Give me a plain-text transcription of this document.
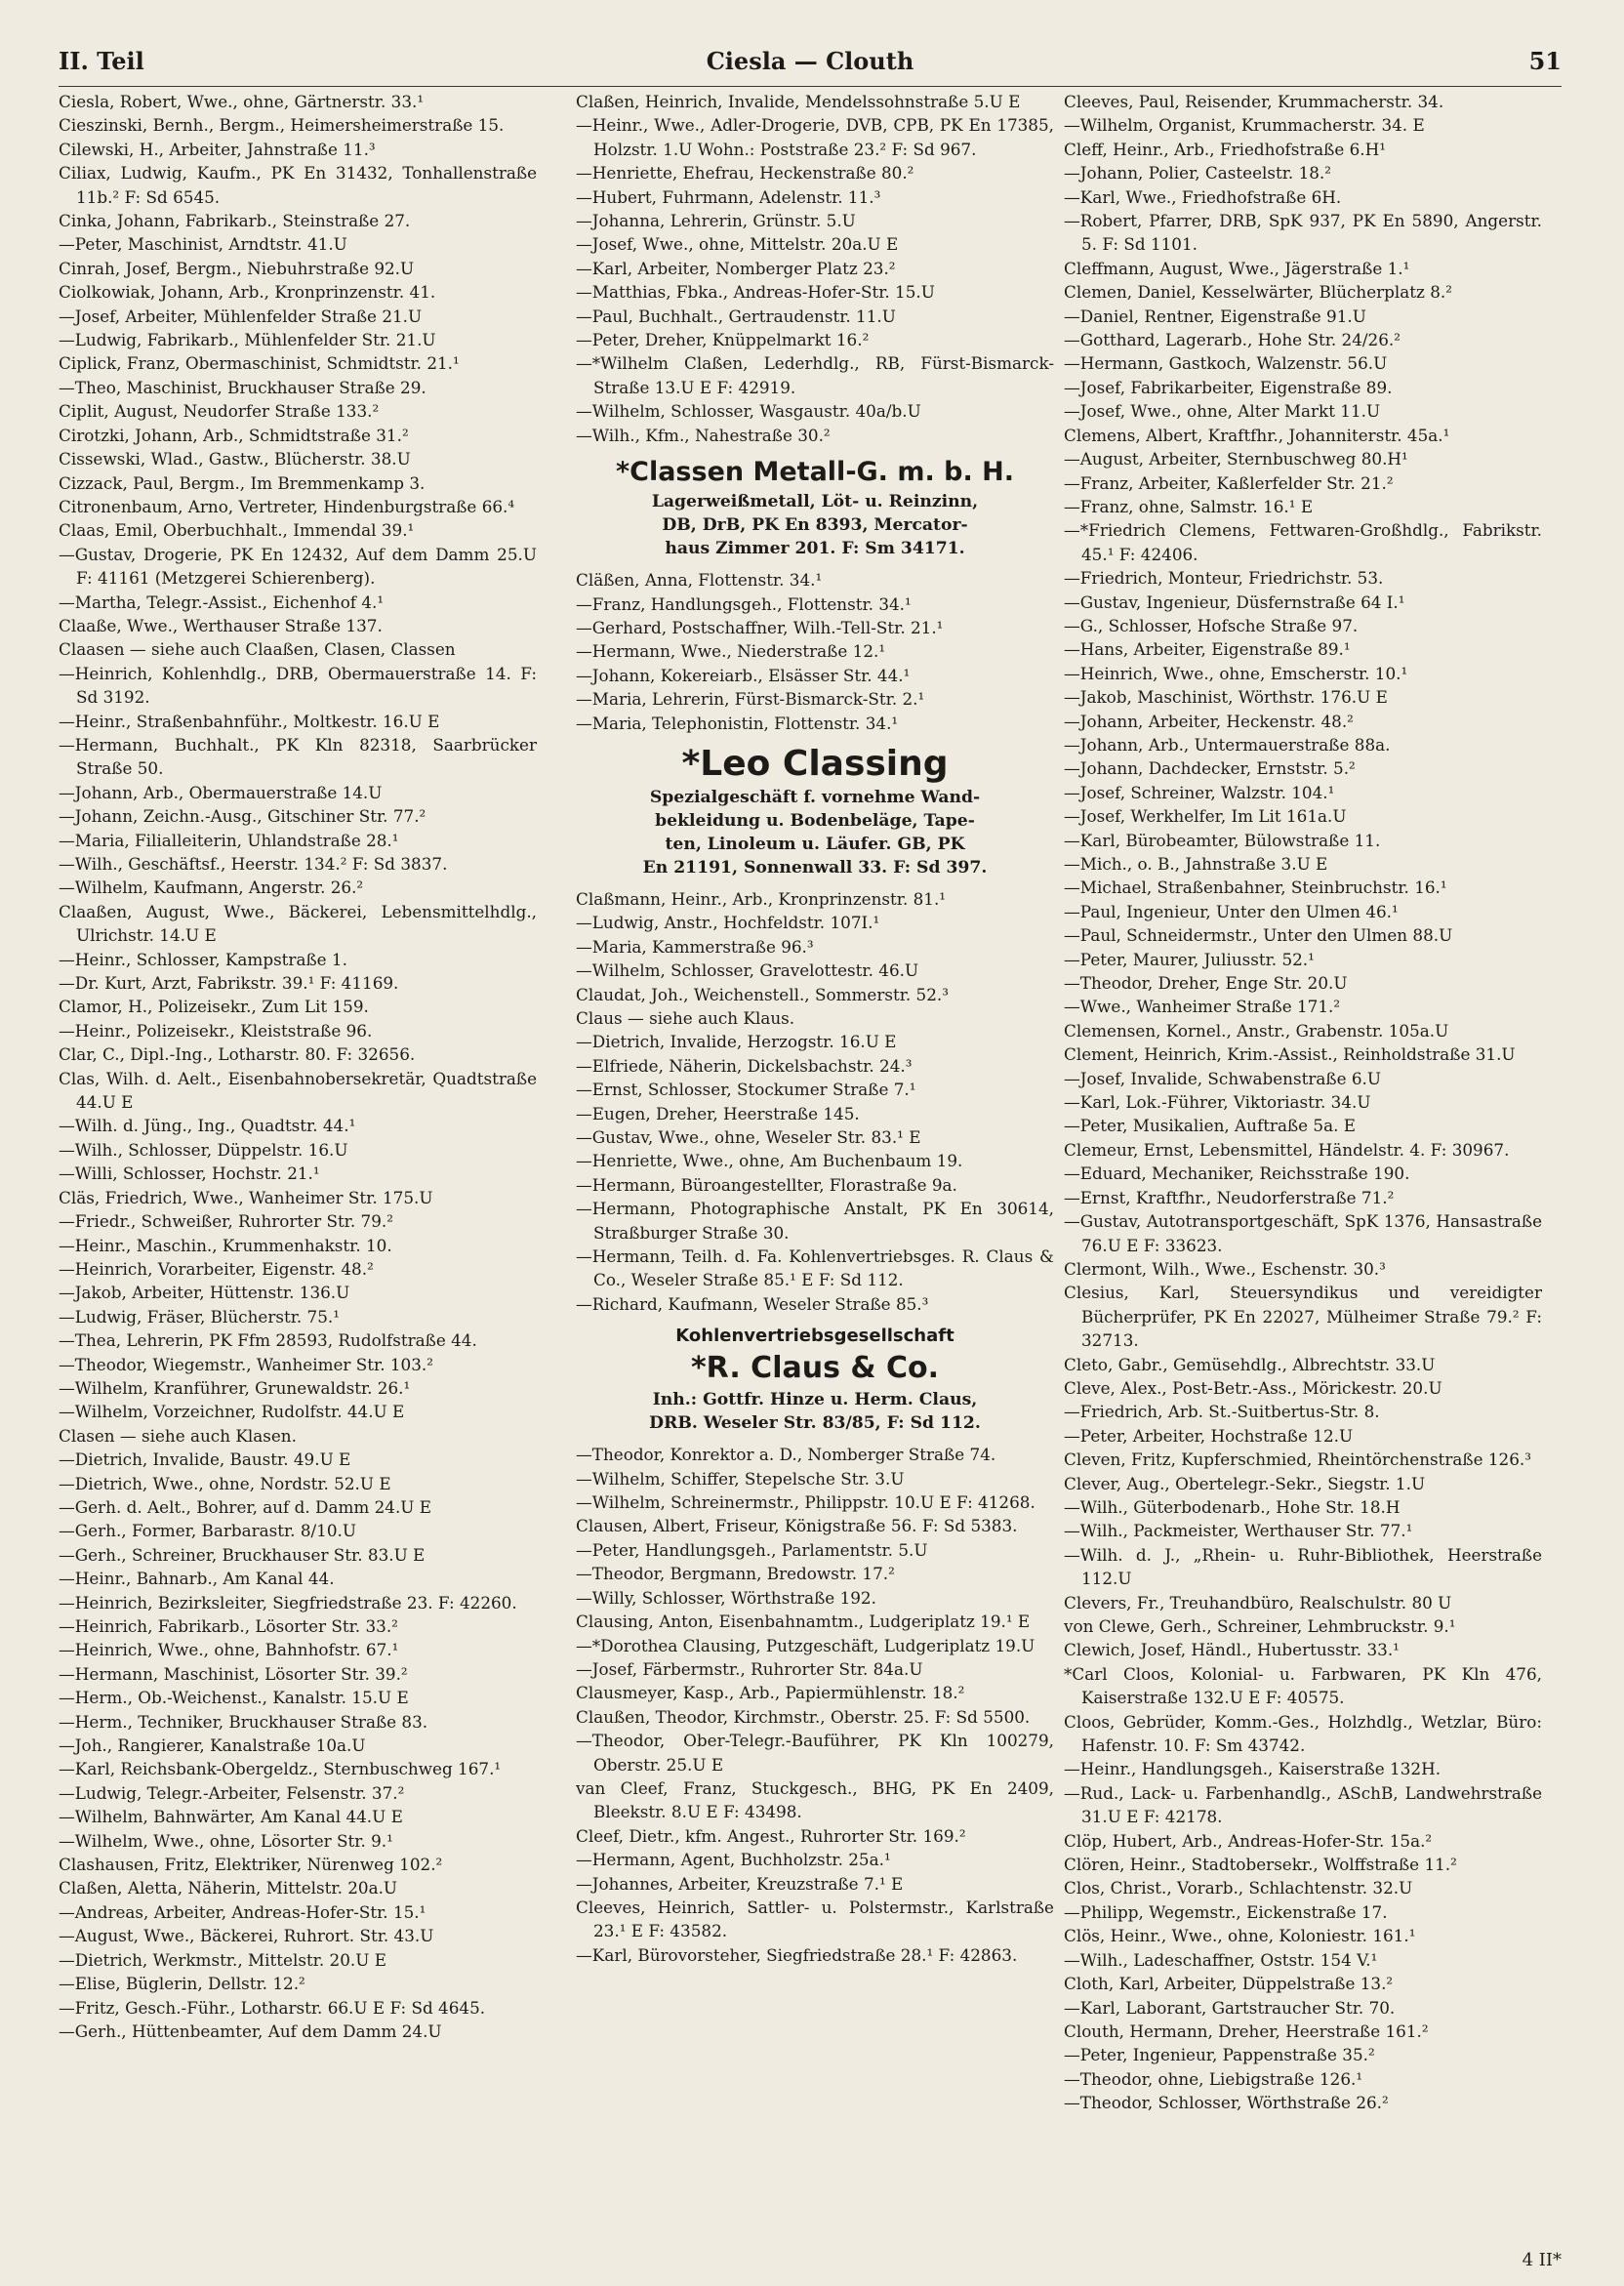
II. Teil	Ciesla — Clouth	51
Ciesla, Robert, Wwe., ohne, Gärtnerstr. 33.¹
Cieszinski, Bernh., Bergm., Heimersheimerstraße 15.
Cilewski, H., Arbeiter, Jahnstraße 11.³
Ciliax, Ludwig, Kaufm., PK En 31432, Tonhallenstraße 11b.² F: Sd 6545.
Cinka, Johann, Fabrikarb., Steinstraße 27.
—Peter, Maschinist, Arndtstr. 41.U
Cinrah, Josef, Bergm., Niebuhrstraße 92.U
Ciolkowiak, Johann, Arb., Kronprinzenstr. 41.
—Josef, Arbeiter, Mühlenfelder Straße 21.U
—Ludwig, Fabrikarb., Mühlenfelder Str. 21.U
Ciplick, Franz, Obermaschinist, Schmidtstr. 21.¹
—Theo, Maschinist, Bruckhauser Straße 29.
Ciplit, August, Neudorfer Straße 133.²
Cirotzki, Johann, Arb., Schmidtstraße 31.²
Cissewski, Wlad., Gastw., Blücherstr. 38.U
Cizzack, Paul, Bergm., Im Bremmenkamp 3.
Citronenbaum, Arno, Vertreter, Hindenburgstraße 66.⁴
Claas, Emil, Oberbuchhalt., Immendal 39.¹
—Gustav, Drogerie, PK En 12432, Auf dem Damm 25.U F: 41161 (Metzgerei Schierenberg).
—Martha, Telegr.-Assist., Eichenhof 4.¹
Claaße, Wwe., Werthauser Straße 137.
Claasen — siehe auch Claaßen, Clasen, Classen
—Heinrich, Kohlenhdlg., DRB, Obermauerstraße 14. F: Sd 3192.
—Heinr., Straßenbahnführ., Moltkestr. 16.U E
—Hermann, Buchhalt., PK Kln 82318, Saarbrücker Straße 50.
—Johann, Arb., Obermauerstraße 14.U
—Johann, Zeichn.-Ausg., Gitschiner Str. 77.²
—Maria, Filialleiterin, Uhlandstraße 28.¹
—Wilh., Geschäftsf., Heerstr. 134.² F: Sd 3837.
—Wilhelm, Kaufmann, Angerstr. 26.²
Claaßen, August, Wwe., Bäckerei, Lebensmittelhdlg., Ulrichstr. 14.U E
—Heinr., Schlosser, Kampstraße 1.
—Dr. Kurt, Arzt, Fabrikstr. 39.¹ F: 41169.
Clamor, H., Polizeisekr., Zum Lit 159.
—Heinr., Polizeisekr., Kleiststraße 96.
Clar, C., Dipl.-Ing., Lotharstr. 80. F: 32656.
Clas, Wilh. d. Aelt., Eisenbahnobersekretär, Quadtstraße 44.U E
—Wilh. d. Jüng., Ing., Quadtstr. 44.¹
—Wilh., Schlosser, Düppelstr. 16.U
—Willi, Schlosser, Hochstr. 21.¹
Cläs, Friedrich, Wwe., Wanheimer Str. 175.U
—Friedr., Schweißer, Ruhrorter Str. 79.²
—Heinr., Maschin., Krummenhakstr. 10.
—Heinrich, Vorarbeiter, Eigenstr. 48.²
—Jakob, Arbeiter, Hüttenstr. 136.U
—Ludwig, Fräser, Blücherstr. 75.¹
—Thea, Lehrerin, PK Ffm 28593, Rudolfstraße 44.
—Theodor, Wiegemstr., Wanheimer Str. 103.²
—Wilhelm, Kranführer, Grunewaldstr. 26.¹
—Wilhelm, Vorzeichner, Rudolfstr. 44.U E
Clasen — siehe auch Klasen.
—Dietrich, Invalide, Baustr. 49.U E
—Dietrich, Wwe., ohne, Nordstr. 52.U E
—Gerh. d. Aelt., Bohrer, auf d. Damm 24.U E
—Gerh., Former, Barbarastr. 8/10.U
—Gerh., Schreiner, Bruckhauser Str. 83.U E
—Heinr., Bahnarb., Am Kanal 44.
—Heinrich, Bezirksleiter, Siegfriedstraße 23. F: 42260.
—Heinrich, Fabrikarb., Lösorter Str. 33.²
—Heinrich, Wwe., ohne, Bahnhofstr. 67.¹
—Hermann, Maschinist, Lösorter Str. 39.²
—Herm., Ob.-Weichenst., Kanalstr. 15.U E
—Herm., Techniker, Bruckhauser Straße 83.
—Joh., Rangierer, Kanalstraße 10a.U
—Karl, Reichsbank-Obergeldz., Sternbuschweg 167.¹
—Ludwig, Telegr.-Arbeiter, Felsenstr. 37.²
—Wilhelm, Bahnwärter, Am Kanal 44.U E
—Wilhelm, Wwe., ohne, Lösorter Str. 9.¹
Clashausen, Fritz, Elektriker, Nürenweg 102.²
Claßen, Aletta, Näherin, Mittelstr. 20a.U
—Andreas, Arbeiter, Andreas-Hofer-Str. 15.¹
—August, Wwe., Bäckerei, Ruhrort. Str. 43.U
—Dietrich, Werkmstr., Mittelstr. 20.U E
—Elise, Büglerin, Dellstr. 12.²
—Fritz, Gesch.-Führ., Lotharstr. 66.U E F: Sd 4645.
—Gerh., Hüttenbeamter, Auf dem Damm 24.U
Claßen, Heinrich, Invalide, Mendelssohnstraße 5.U E
—Heinr., Wwe., Adler-Drogerie, DVB, CPB, PK En 17385, Holzstr. 1.U Wohn.: Poststraße 23.² F: Sd 967.
—Henriette, Ehefrau, Heckenstraße 80.²
—Hubert, Fuhrmann, Adelenstr. 11.³
—Johanna, Lehrerin, Grünstr. 5.U
—Josef, Wwe., ohne, Mittelstr. 20a.U E
—Karl, Arbeiter, Nomberger Platz 23.²
—Matthias, Fbkа., Andreas-Hofer-Str. 15.U
—Paul, Buchhalt., Gertraudenstr. 11.U
—Peter, Dreher, Knüppelmarkt 16.²
—*Wilhelm Claßen, Lederhdlg., RB, Fürst-Bismarck-Straße 13.U E F: 42919.
—Wilhelm, Schlosser, Wasgaustr. 40a/b.U
—Wilh., Kfm., Nahestraße 30.²
*Classen Metall-G. m. b. H.
Lagerweißmetall, Löt- u. Reinzinn,
DB, DrB, PK En 8393, Mercator-
haus Zimmer 201. F: Sm 34171.
Cläßen, Anna, Flottenstr. 34.¹
—Franz, Handlungsgeh., Flottenstr. 34.¹
—Gerhard, Postschaffner, Wilh.-Tell-Str. 21.¹
—Hermann, Wwe., Niederstraße 12.¹
—Johann, Kokereiarb., Elsässer Str. 44.¹
—Maria, Lehrerin, Fürst-Bismarck-Str. 2.¹
—Maria, Telephonistin, Flottenstr. 34.¹
*Leo Classing
Spezialgeschäft f. vornehme Wand-
bekleidung u. Bodenbeläge, Tape-
ten, Linoleum u. Läufer. GB, PK
En 21191, Sonnenwall 33. F: Sd 397.
Claßmann, Heinr., Arb., Kronprinzenstr. 81.¹
—Ludwig, Anstr., Hochfeldstr. 107I.¹
—Maria, Kammerstraße 96.³
—Wilhelm, Schlosser, Gravelottestr. 46.U
Claudat, Joh., Weichenstell., Sommerstr. 52.³
Claus — siehe auch Klaus.
—Dietrich, Invalide, Herzogstr. 16.U E
—Elfriede, Näherin, Dickelsbachstr. 24.³
—Ernst, Schlosser, Stockumer Straße 7.¹
—Eugen, Dreher, Heerstraße 145.
—Gustav, Wwe., ohne, Weseler Str. 83.¹ E
—Henriette, Wwe., ohne, Am Buchenbaum 19.
—Hermann, Büroangestellter, Florastraße 9a.
—Hermann, Photographische Anstalt, PK En 30614, Straßburger Straße 30.
—Hermann, Teilh. d. Fa. Kohlenvertriebsges. R. Claus & Co., Weseler Straße 85.¹ E F: Sd 112.
—Richard, Kaufmann, Weseler Straße 85.³
Kohlenvertriebsgesellschaft
*R. Claus & Co.
Inh.: Gottfr. Hinze u. Herm. Claus,
DRB. Weseler Str. 83/85, F: Sd 112.
—Theodor, Konrektor a. D., Nomberger Straße 74.
—Wilhelm, Schiffer, Stepelsche Str. 3.U
—Wilhelm, Schreinermstr., Philippstr. 10.U E F: 41268.
Clausen, Albert, Friseur, Königstraße 56. F: Sd 5383.
—Peter, Handlungsgeh., Parlamentstr. 5.U
—Theodor, Bergmann, Bredowstr. 17.²
—Willy, Schlosser, Wörthstraße 192.
Clausing, Anton, Eisenbahnamtm., Ludgeriplatz 19.¹ E
—*Dorothea Clausing, Putzgeschäft, Ludgeriplatz 19.U
—Josef, Färbermstr., Ruhrorter Str. 84a.U
Clausmeyer, Kasp., Arb., Papiermühlenstr. 18.²
Claußen, Theodor, Kirchmstr., Oberstr. 25. F: Sd 5500.
—Theodor, Ober-Telegr.-Bauführer, PK Kln 100279, Oberstr. 25.U E
van Cleef, Franz, Stuckgesch., BHG, PK En 2409, Bleekstr. 8.U E F: 43498.
Cleef, Dietr., kfm. Angest., Ruhrorter Str. 169.²
—Hermann, Agent, Buchholzstr. 25a.¹
—Johannes, Arbeiter, Kreuzstraße 7.¹ E
Cleeves, Heinrich, Sattler- u. Polstermstr., Karlstraße 23.¹ E F: 43582.
—Karl, Bürovorsteher, Siegfriedstraße 28.¹ F: 42863.
Cleeves, Paul, Reisender, Krummacherstr. 34.
—Wilhelm, Organist, Krummacherstr. 34. E
Cleff, Heinr., Arb., Friedhofstraße 6.H¹
—Johann, Polier, Casteelstr. 18.²
—Karl, Wwe., Friedhofstraße 6H.
—Robert, Pfarrer, DRB, SpK 937, PK En 5890, Angerstr. 5. F: Sd 1101.
Cleffmann, August, Wwe., Jägerstraße 1.¹
Clemen, Daniel, Kesselwärter, Blücherplatz 8.²
—Daniel, Rentner, Eigenstraße 91.U
—Gotthard, Lagerarb., Hohe Str. 24/26.²
—Hermann, Gastkoch, Walzenstr. 56.U
—Josef, Fabrikarbeiter, Eigenstraße 89.
—Josef, Wwe., ohne, Alter Markt 11.U
Clemens, Albert, Kraftfhr., Johanniterstr. 45a.¹
—August, Arbeiter, Sternbuschweg 80.H¹
—Franz, Arbeiter, Kaßlerfelder Str. 21.²
—Franz, ohne, Salmstr. 16.¹ E
—*Friedrich Clemens, Fettwaren-Großhdlg., Fabrikstr. 45.¹ F: 42406.
—Friedrich, Monteur, Friedrichstr. 53.
—Gustav, Ingenieur, Düsfernstraße 64 I.¹
—G., Schlosser, Hofsche Straße 97.
—Hans, Arbeiter, Eigenstraße 89.¹
—Heinrich, Wwe., ohne, Emscherstr. 10.¹
—Jakob, Maschinist, Wörthstr. 176.U E
—Johann, Arbeiter, Heckenstr. 48.²
—Johann, Arb., Untermauerstraße 88a.
—Johann, Dachdecker, Ernststr. 5.²
—Josef, Schreiner, Walzstr. 104.¹
—Josef, Werkhelfer, Im Lit 161a.U
—Karl, Bürobeamter, Bülowstraße 11.
—Mich., o. B., Jahnstraße 3.U E
—Michael, Straßenbahner, Steinbruchstr. 16.¹
—Paul, Ingenieur, Unter den Ulmen 46.¹
—Paul, Schneidermstr., Unter den Ulmen 88.U
—Peter, Maurer, Juliusstr. 52.¹
—Theodor, Dreher, Enge Str. 20.U
—Wwe., Wanheimer Straße 171.²
Clemensen, Kornel., Anstr., Grabenstr. 105a.U
Clement, Heinrich, Krim.-Assist., Reinholdstraße 31.U
—Josef, Invalide, Schwabenstraße 6.U
—Karl, Lok.-Führer, Viktoriastr. 34.U
—Peter, Musikalien, Auftraße 5a. E
Clemeur, Ernst, Lebensmittel, Händelstr. 4. F: 30967.
—Eduard, Mechaniker, Reichsstraße 190.
—Ernst, Kraftfhr., Neudorferstraße 71.²
—Gustav, Autotransportgeschäft, SpK 1376, Hansastraße 76.U E F: 33623.
Clermont, Wilh., Wwe., Eschenstr. 30.³
Clesius, Karl, Steuersyndikus und vereidigter Bücherprüfer, PK En 22027, Mülheimer Straße 79.² F: 32713.
Cleto, Gabr., Gemüsehdlg., Albrechtstr. 33.U
Cleve, Alex., Post-Betr.-Ass., Mörickestr. 20.U
—Friedrich, Arb. St.-Suitbertus-Str. 8.
—Peter, Arbeiter, Hochstraße 12.U
Cleven, Fritz, Kupferschmied, Rheintörchenstraße 126.³
Clever, Aug., Obertelegr.-Sekr., Siegstr. 1.U
—Wilh., Güterbodenarb., Hohe Str. 18.H
—Wilh., Packmeister, Werthauser Str. 77.¹
—Wilh. d. J., „Rhein- u. Ruhr-Bibliothek, Heerstraße 112.U
Clevers, Fr., Treuhandbüro, Realschulstr. 80 U
von Clewe, Gerh., Schreiner, Lehmbruckstr. 9.¹
Clewich, Josef, Händl., Hubertusstr. 33.¹
*Carl Cloos, Kolonial- u. Farbwaren, PK Kln 476, Kaiserstraße 132.U E F: 40575.
Cloos, Gebrüder, Komm.-Ges., Holzhdlg., Wetzlar, Büro: Hafenstr. 10. F: Sm 43742.
—Heinr., Handlungsgeh., Kaiserstraße 132H.
—Rud., Lack- u. Farbenhandlg., ASchB, Landwehrstraße 31.U E F: 42178.
Clöp, Hubert, Arb., Andreas-Hofer-Str. 15a.²
Clören, Heinr., Stadtobersekr., Wolffstraße 11.²
Clos, Christ., Vorarb., Schlachtenstr. 32.U
—Philipp, Wegemstr., Eickenstraße 17.
Clös, Heinr., Wwe., ohne, Koloniestr. 161.¹
—Wilh., Ladeschaffner, Oststr. 154 V.¹
Cloth, Karl, Arbeiter, Düppelstraße 13.²
—Karl, Laborant, Gartstraucher Str. 70.
Clouth, Hermann, Dreher, Heerstraße 161.²
—Peter, Ingenieur, Pappenstraße 35.²
—Theodor, ohne, Liebigstraße 126.¹
—Theodor, Schlosser, Wörthstraße 26.²
4 II*
